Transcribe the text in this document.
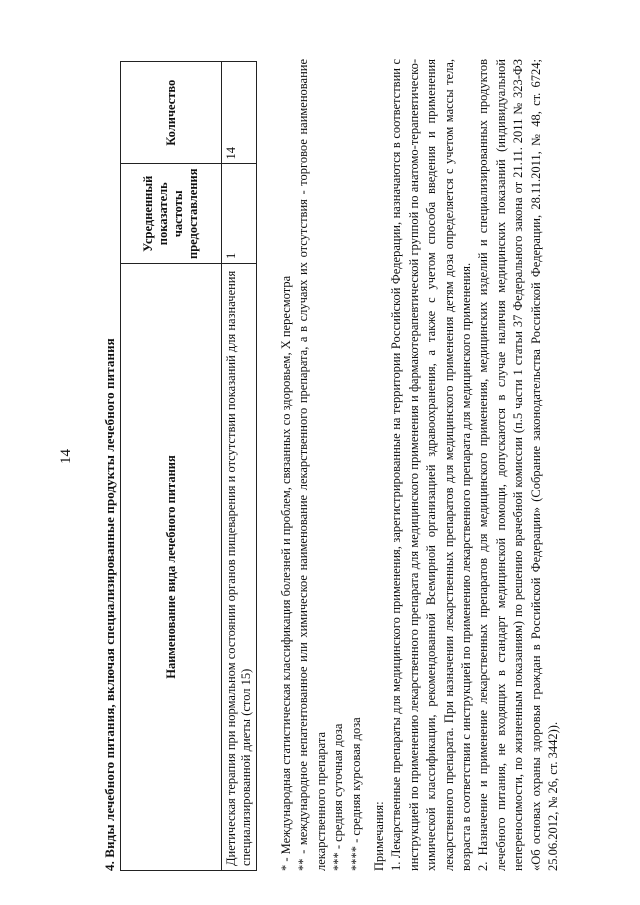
14 4. Виды лечебного питания, включая специализированные продукты лечебного питания	Наименование вида лечебного питания	Усредненный показатель частоты предоставления	Количество
Диетическая терапия при нормальном состоянии органов пищеварения и отсутствии показаний для назначения специализированной диеты (стол 15)	1	14

* - Международная статистическая классификация болезней и проблем, связанных со здоровьем, X пересмотра ** - международное непатентованное или химическое наименование лекарственного препарата, а в случаях их отсутствия - торговое наименование лекарственного препарата *** - средняя суточная доза **** - средняя курсовая доза Примечания: 1. Лекарственные препараты для медицинского применения, зарегистрированные на территории Российской Федерации, назначаются в соответствии с инструкцией по применению лекарственного препарата для медицинского применения и фармакотерапевтической группой по анатомо-терапевтическо-химической классификации, рекомендованной Всемирной организацией здравоохранения, а также с учетом способа введения и применения лекарственного препарата. При назначении лекарственных препаратов для медицинского применения детям доза определяется с учетом массы тела, возраста в соответствии с инструкцией по применению лекарственного препарата для медицинского применения. 2. Назначение и применение лекарственных препаратов для медицинского применения, медицинских изделий и специализированных продуктов лечебного питания, не входящих в стандарт медицинской помощи, допускаются в случае наличия медицинских показаний (индивидуальной непереносимости, по жизненным показаниям) по решению врачебной комиссии (п.5 части 1 статьи 37 Федерального закона от 21.11. 2011 № 323-ФЗ «Об основах охраны здоровья граждан в Российской Федерации» (Собрание законодательства Российской Федерации, 28.11.2011, № 48, ст. 6724; 25.06.2012, № 26, ст. 3442)).
